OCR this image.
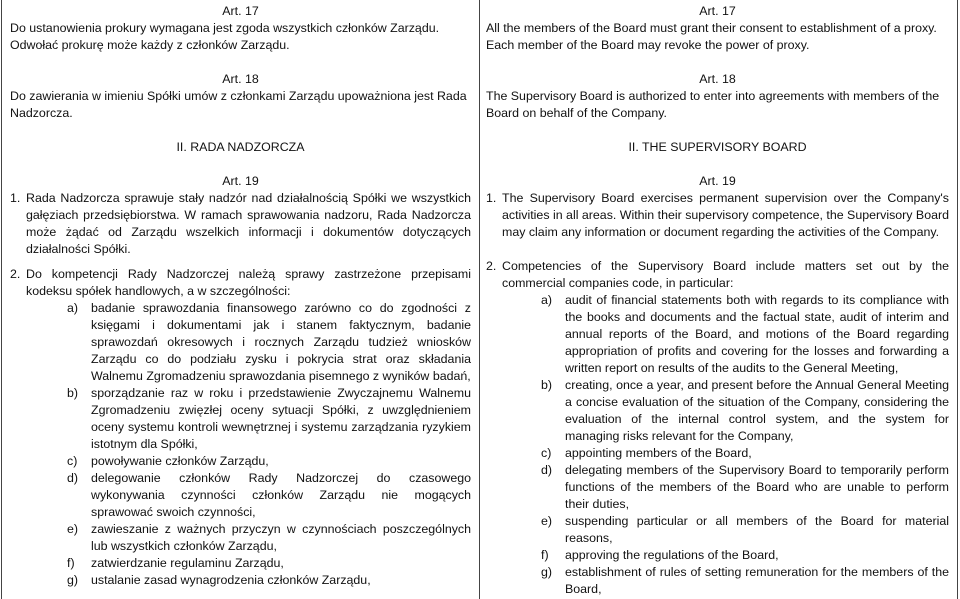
Art. 17

Do ustanowienia prokury wymagana jest zgoda wszystkich członków Zarządu.

Odwołać prokurę może każdy z członków Zarządu.

Art. 18

Do zawierania w imieniu Spółki umów z członkami Zarządu upoważniona jest Rada Nadzorcza.

II. RADA NADZORCZA

Art. 19

1. Rada Nadzorcza sprawuje stały nadzór nad działalnością Spółki we wszystkich gałęziach przedsiębiorstwa. W ramach sprawowania nadzoru, Rada Nadzorcza może żądać od Zarządu wszelkich informacji i dokumentów dotyczących działalności Spółki.
2. Do kompetencji Rady Nadzorczej należą sprawy zastrzeżone przepisami kodeksu spółek handlowych, a w szczególności:
a)	badanie sprawozdania finansowego zarówno co do zgodności z księgami i dokumentami jak i stanem faktycznym, badanie sprawozdań okresowych i rocznych Zarządu tudzież wniosków Zarządu co do podziału zysku i pokrycia strat oraz składania Walnemu Zgromadzeniu sprawozdania pisemnego z wyników badań,
b)	sporządzanie raz w roku i przedstawienie Zwyczajnemu Walnemu Zgromadzeniu zwięzłej oceny sytuacji Spółki, z uwzględnieniem oceny systemu kontroli wewnętrznej i systemu zarządzania ryzykiem istotnym dla Spółki,
c)	powoływanie członków Zarządu,
d)	delegowanie członków Rady Nadzorczej do czasowego wykonywania czynności członków Zarządu nie mogących sprawować swoich czynności,
e)	zawieszanie z ważnych przyczyn w czynnościach poszczególnych lub wszystkich członków Zarządu,
f)	zatwierdzanie regulaminu Zarządu,
g)	ustalanie zasad wynagrodzenia członków Zarządu,

Art. 17

All the members of the Board must grant their consent to establishment of a proxy.

Each member of the Board may revoke the power of proxy.

Art. 18

The Supervisory Board is authorized to enter into agreements with members of the Board on behalf of the Company.

II. THE SUPERVISORY BOARD

Art. 19

1. The Supervisory Board exercises permanent supervision over the Company's activities in all areas. Within their supervisory competence, the Supervisory Board may claim any information or document regarding the activities of the Company.
2. Competencies of the Supervisory Board include matters set out by the commercial companies code, in particular:
a)	audit of financial statements both with regards to its compliance with the books and documents and the factual state, audit of interim and annual reports of the Board, and motions of the Board regarding appropriation of profits and covering for the losses and forwarding a written report on results of the audits to the General Meeting,
b)	creating, once a year, and present before the Annual General Meeting a concise evaluation of the situation of the Company, considering the evaluation of the internal control system, and the system for managing risks relevant for the Company,
c)	appointing members of the Board,
d)	delegating members of the Supervisory Board to temporarily perform functions of the members of the Board who are unable to perform their duties,
e)	suspending particular or all members of the Board for material reasons,
f)	approving the regulations of the Board,
g)	establishment of rules of setting remuneration for the members of the Board,
